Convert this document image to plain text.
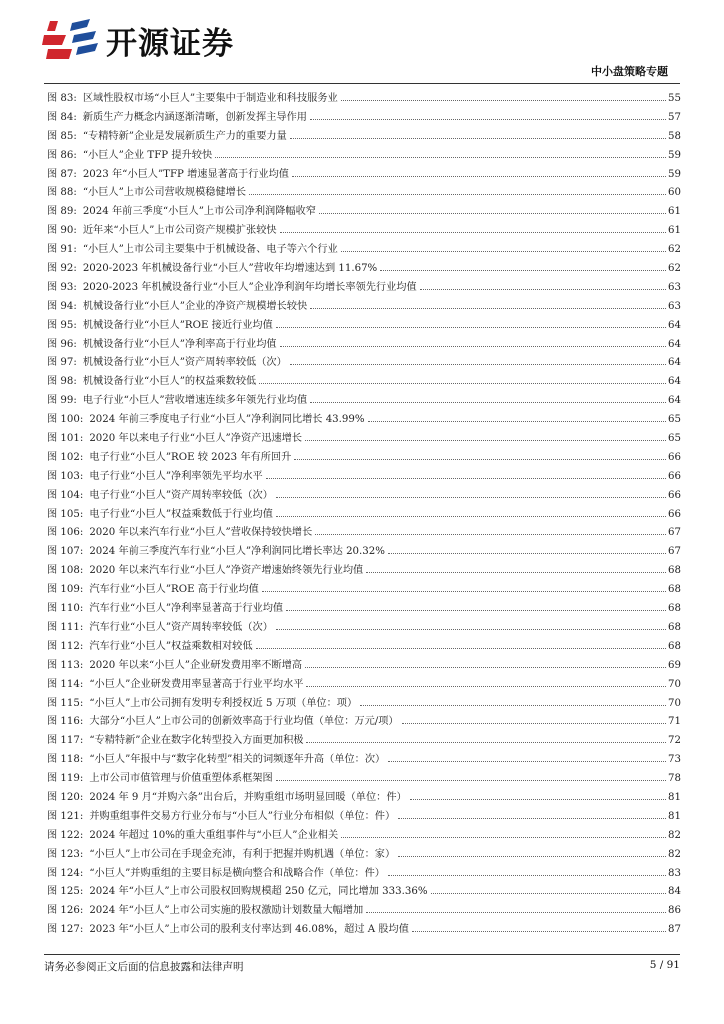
开源证券
中小盘策略专题
图 83: 区域性股权市场“小巨人”主要集中于制造业和科技服务业	55
图 84: 新质生产力概念内涵逐渐清晰，创新发挥主导作用	57
图 85: “专精特新”企业是发展新质生产力的重要力量	58
图 86: “小巨人”企业 TFP 提升较快	59
图 87: 2023 年“小巨人”TFP 增速显著高于行业均值	59
图 88: “小巨人”上市公司营收规模稳健增长	60
图 89: 2024 年前三季度“小巨人”上市公司净利润降幅收窄	61
图 90: 近年来“小巨人”上市公司资产规模扩张较快	61
图 91: “小巨人”上市公司主要集中于机械设备、电子等六个行业	62
图 92: 2020-2023 年机械设备行业“小巨人”营收年均增速达到 11.67%	62
图 93: 2020-2023 年机械设备行业“小巨人”企业净利润年均增长率领先行业均值	63
图 94: 机械设备行业“小巨人”企业的净资产规模增长较快	63
图 95: 机械设备行业“小巨人”ROE 接近行业均值	64
图 96: 机械设备行业“小巨人”净利率高于行业均值	64
图 97: 机械设备行业“小巨人”资产周转率较低（次）	64
图 98: 机械设备行业“小巨人”的权益乘数较低	64
图 99: 电子行业“小巨人”营收增速连续多年领先行业均值	64
图 100: 2024 年前三季度电子行业“小巨人”净利润同比增长 43.99%	65
图 101: 2020 年以来电子行业“小巨人”净资产迅速增长	65
图 102: 电子行业“小巨人”ROE 较 2023 年有所回升	66
图 103: 电子行业“小巨人”净利率领先平均水平	66
图 104: 电子行业“小巨人”资产周转率较低（次）	66
图 105: 电子行业“小巨人”权益乘数低于行业均值	66
图 106: 2020 年以来汽车行业“小巨人”营收保持较快增长	67
图 107: 2024 年前三季度汽车行业“小巨人”净利润同比增长率达 20.32%	67
图 108: 2020 年以来汽车行业“小巨人”净资产增速始终领先行业均值	68
图 109: 汽车行业“小巨人”ROE 高于行业均值	68
图 110: 汽车行业“小巨人”净利率显著高于行业均值	68
图 111: 汽车行业“小巨人”资产周转率较低（次）	68
图 112: 汽车行业“小巨人”权益乘数相对较低	68
图 113: 2020 年以来“小巨人”企业研发费用率不断增高	69
图 114: “小巨人”企业研发费用率显著高于行业平均水平	70
图 115: “小巨人”上市公司拥有发明专利授权近 5 万项（单位：项）	70
图 116: 大部分“小巨人”上市公司的创新效率高于行业均值（单位：万元/项）	71
图 117: “专精特新”企业在数字化转型投入方面更加积极	72
图 118: “小巨人”年报中与“数字化转型”相关的词频逐年升高（单位：次）	73
图 119: 上市公司市值管理与价值重塑体系框架图	78
图 120: 2024 年 9 月“并购六条”出台后，并购重组市场明显回暖（单位：件）	81
图 121: 并购重组事件交易方行业分布与“小巨人”行业分布相似（单位：件）	81
图 122: 2024 年超过 10%的重大重组事件与“小巨人”企业相关	82
图 123: “小巨人”上市公司在手现金充沛，有利于把握并购机遇（单位：家）	82
图 124: “小巨人”并购重组的主要目标是横向整合和战略合作（单位：件）	83
图 125: 2024 年“小巨人”上市公司股权回购规模超 250 亿元，同比增加 333.36%	84
图 126: 2024 年“小巨人”上市公司实施的股权激励计划数量大幅增加	86
图 127: 2023 年“小巨人”上市公司的股利支付率达到 46.08%，超过 A 股均值	87
请务必参阅正文后面的信息披露和法律声明	5 / 91
